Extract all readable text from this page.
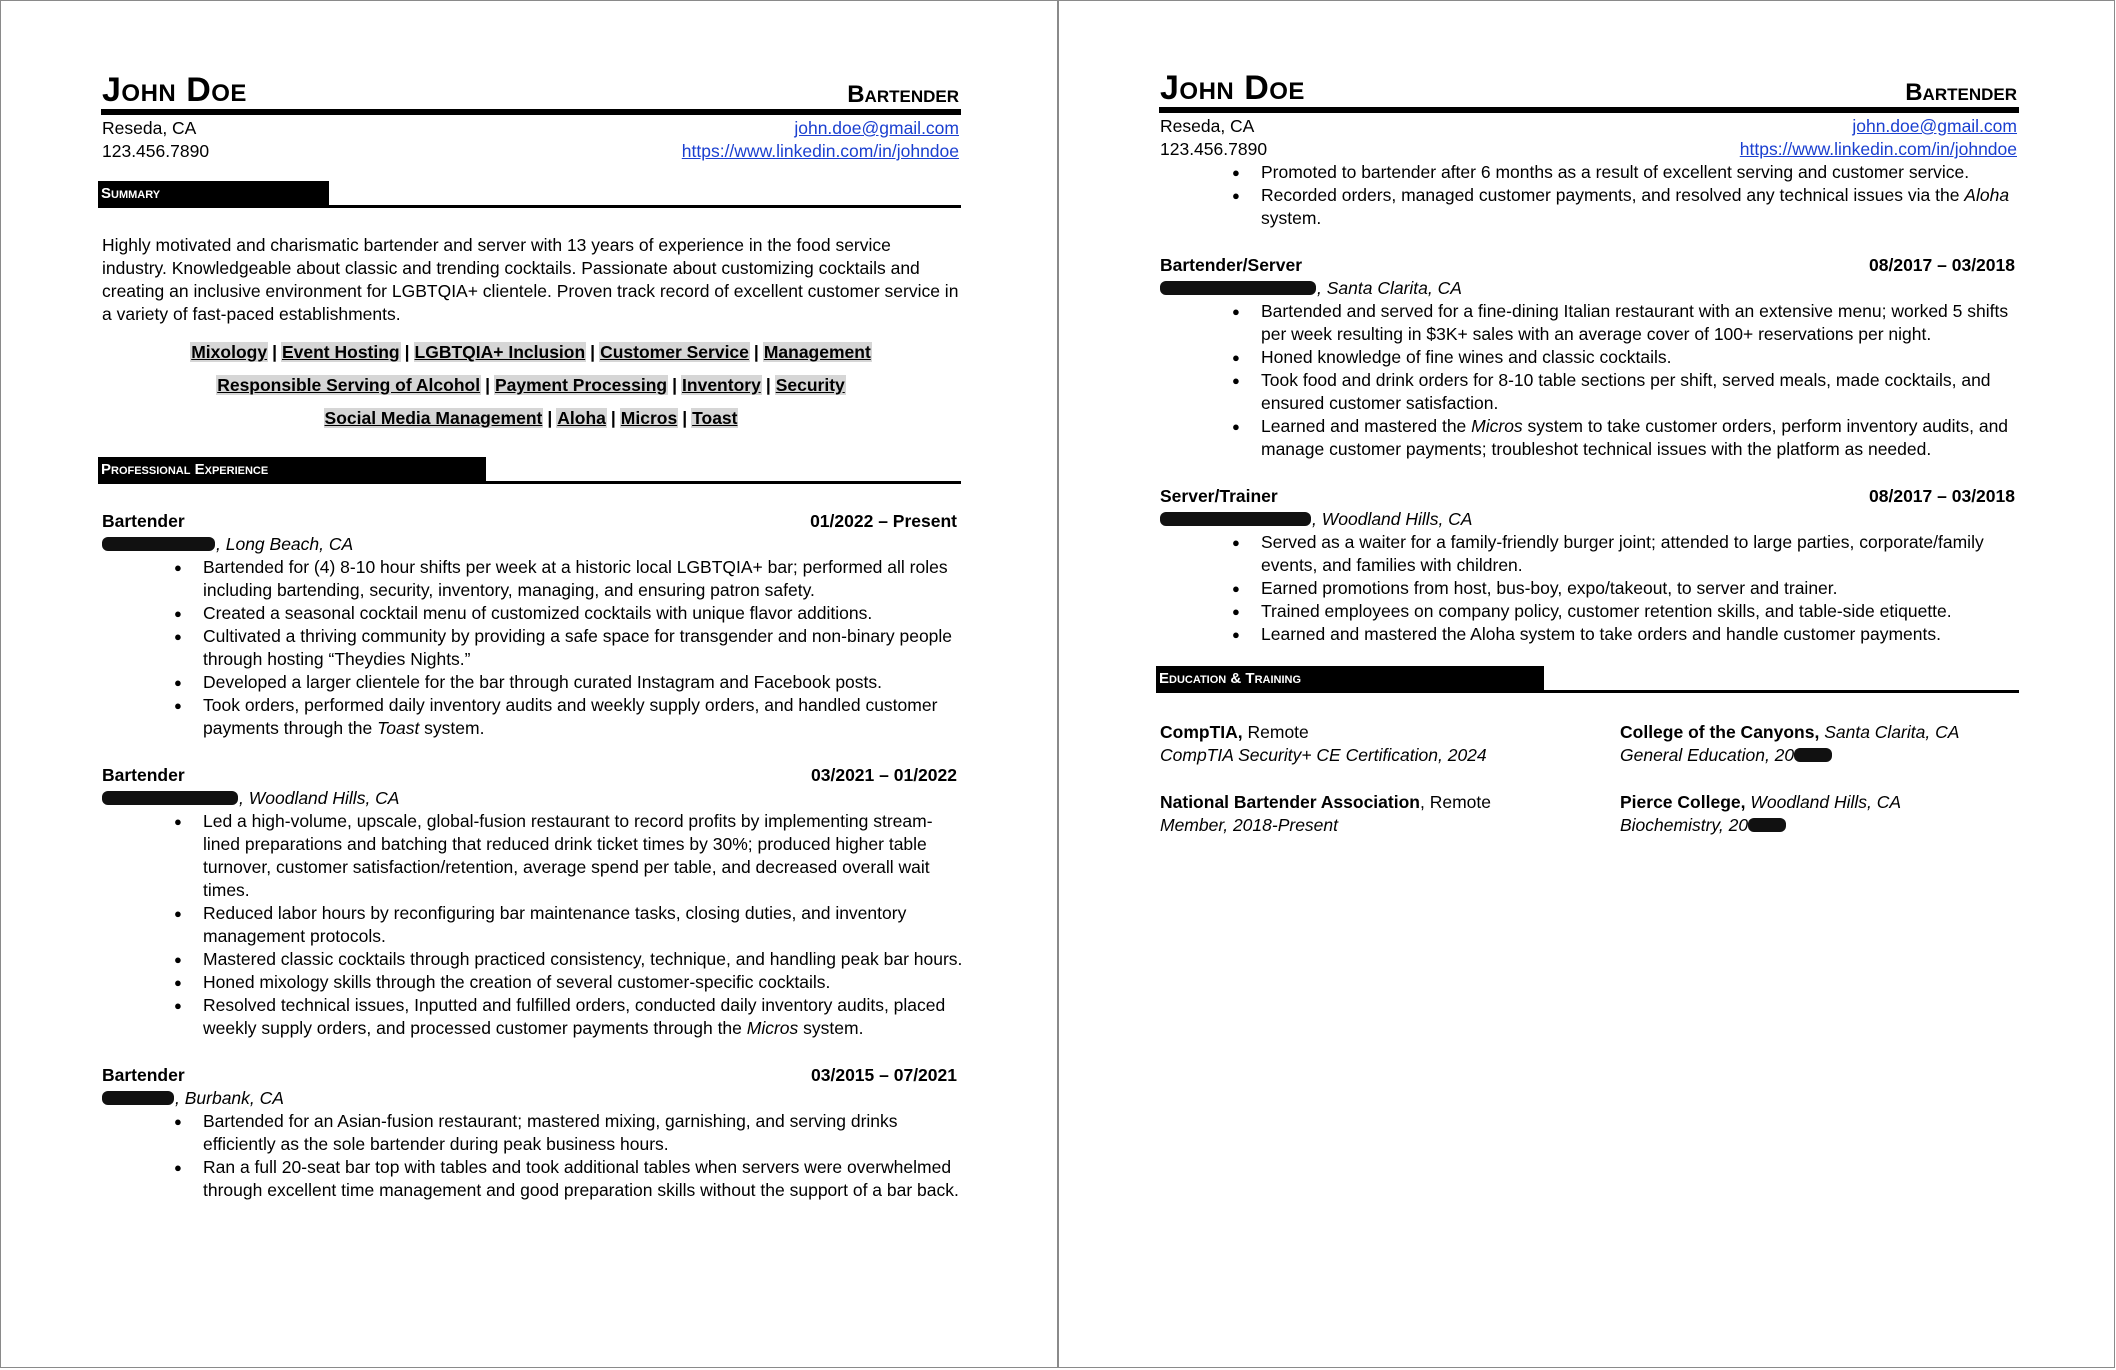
John Doe	Bartender
Reseda, CA
123.456.7890
john.doe@gmail.com
https://www.linkedin.com/in/johndoe
Summary
Highly motivated and charismatic bartender and server with 13 years of experience in the food service industry. Knowledgeable about classic and trending cocktails. Passionate about customizing cocktails and creating an inclusive environment for LGBTQIA+ clientele. Proven track record of excellent customer service in a variety of fast-paced establishments.
Mixology | Event Hosting | LGBTQIA+ Inclusion | Customer Service | Management
Responsible Serving of Alcohol | Payment Processing | Inventory | Security
Social Media Management | Aloha | Micros | Toast
Professional Experience
Bartender	01/2022 – Present
, Long Beach, CA
● Bartended for (4) 8-10 hour shifts per week at a historic local LGBTQIA+ bar; performed all roles including bartending, security, inventory, managing, and ensuring patron safety.
● Created a seasonal cocktail menu of customized cocktails with unique flavor additions.
● Cultivated a thriving community by providing a safe space for transgender and non-binary people through hosting “Theydies Nights.”
● Developed a larger clientele for the bar through curated Instagram and Facebook posts.
● Took orders, performed daily inventory audits and weekly supply orders, and handled customer payments through the Toast system.
Bartender	03/2021 – 01/2022
, Woodland Hills, CA
● Led a high-volume, upscale, global-fusion restaurant to record profits by implementing stream-lined preparations and batching that reduced drink ticket times by 30%; produced higher table turnover, customer satisfaction/retention, average spend per table, and decreased overall wait times.
● Reduced labor hours by reconfiguring bar maintenance tasks, closing duties, and inventory management protocols.
● Mastered classic cocktails through practiced consistency, technique, and handling peak bar hours.
● Honed mixology skills through the creation of several customer-specific cocktails.
● Resolved technical issues, Inputted and fulfilled orders, conducted daily inventory audits, placed weekly supply orders, and processed customer payments through the Micros system.
Bartender	03/2015 – 07/2021
, Burbank, CA
● Bartended for an Asian-fusion restaurant; mastered mixing, garnishing, and serving drinks efficiently as the sole bartender during peak business hours.
● Ran a full 20-seat bar top with tables and took additional tables when servers were overwhelmed through excellent time management and good preparation skills without the support of a bar back.
John Doe	Bartender
Reseda, CA
123.456.7890
john.doe@gmail.com
https://www.linkedin.com/in/johndoe
● Promoted to bartender after 6 months as a result of excellent serving and customer service.
● Recorded orders, managed customer payments, and resolved any technical issues via the Aloha system.
Bartender/Server	08/2017 – 03/2018
, Santa Clarita, CA
● Bartended and served for a fine-dining Italian restaurant with an extensive menu; worked 5 shifts per week resulting in $3K+ sales with an average cover of 100+ reservations per night.
● Honed knowledge of fine wines and classic cocktails.
● Took food and drink orders for 8-10 table sections per shift, served meals, made cocktails, and ensured customer satisfaction.
● Learned and mastered the Micros system to take customer orders, perform inventory audits, and manage customer payments; troubleshot technical issues with the platform as needed.
Server/Trainer	08/2017 – 03/2018
, Woodland Hills, CA
● Served as a waiter for a family-friendly burger joint; attended to large parties, corporate/family events, and families with children.
● Earned promotions from host, bus-boy, expo/takeout, to server and trainer.
● Trained employees on company policy, customer retention skills, and table-side etiquette.
● Learned and mastered the Aloha system to take orders and handle customer payments.
Education & Training
CompTIA, Remote
CompTIA Security+ CE Certification, 2024
College of the Canyons, Santa Clarita, CA
General Education, 20
National Bartender Association, Remote
Member, 2018-Present
Pierce College, Woodland Hills, CA
Biochemistry, 20
